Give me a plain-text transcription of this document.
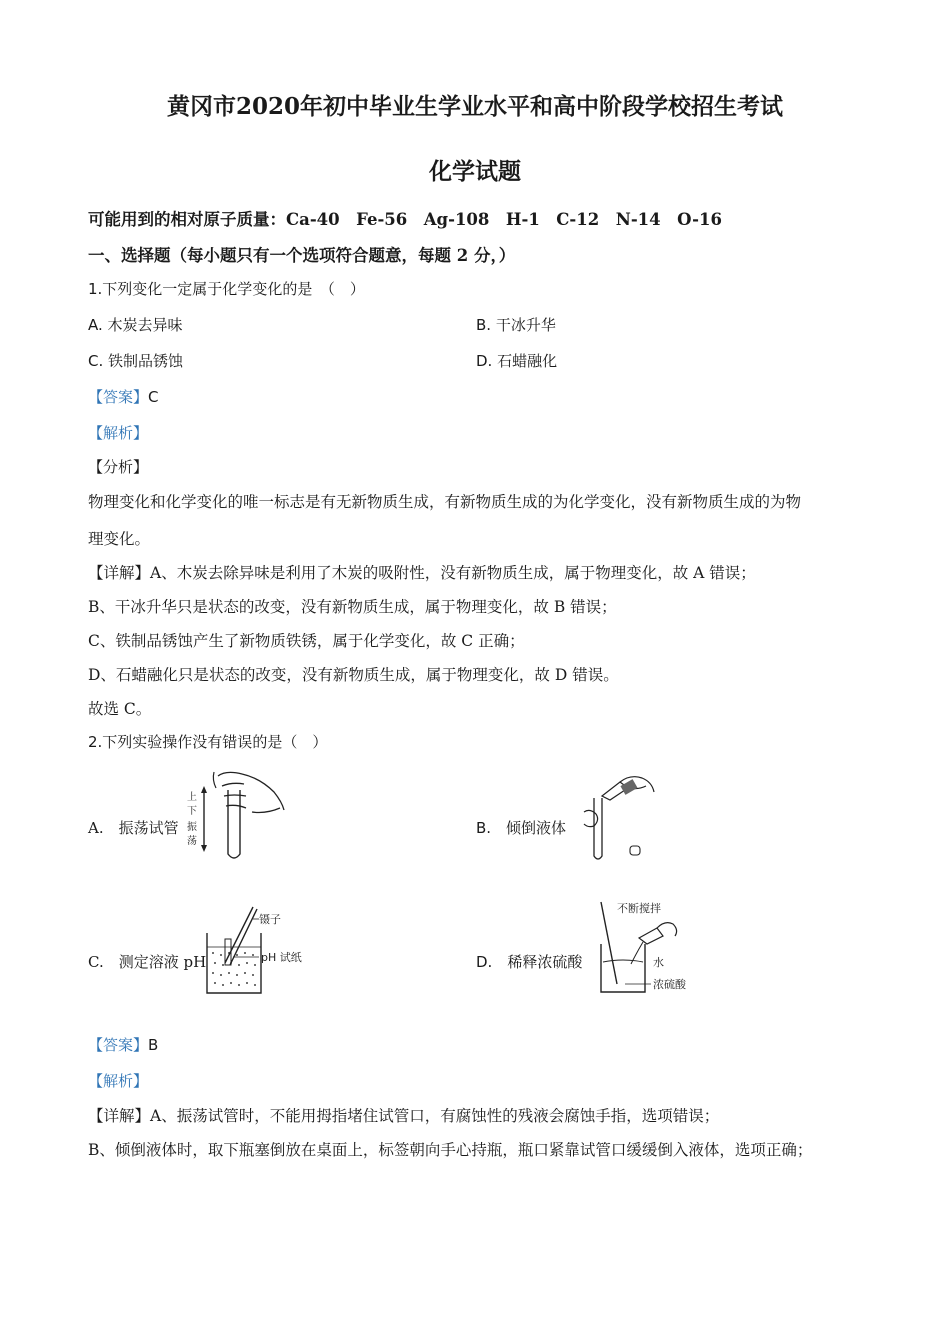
黄冈市2020年初中毕业生学业水平和高中阶段学校招生考试
化学试题
可能用到的相对原子质量：Ca-40　Fe-56　Ag-108　H-1　C-12　N-14　O-16
一、选择题（每小题只有一个选项符合题意，每题 2 分，）
1.下列变化一定属于化学变化的是　（　）
A. 木炭去异味	B. 干冰升华
C. 铁制品锈蚀	D. 石蜡融化
【答案】C
【解析】
【分析】
物理变化和化学变化的唯一标志是有无新物质生成，有新物质生成的为化学变化，没有新物质生成的为物
理变化。
【详解】A、木炭去除异味是利用了木炭的吸附性，没有新物质生成，属于物理变化，故 A 错误；
B、干冰升华只是状态的改变，没有新物质生成，属于物理变化，故 B 错误；
C、铁制品锈蚀产生了新物质铁锈，属于化学变化，故 C 正确；
D、石蜡融化只是状态的改变，没有新物质生成，属于物理变化，故 D 错误。
故选 C。
2.下列实验操作没有错误的是（　）
A.　振荡试管
上
下
振
荡
B.　倾倒液体
C.　测定溶液 pH
镊子
pH 试纸	D.　稀释浓硫酸
不断搅拌
水
浓硫酸
【答案】B
【解析】
【详解】A、振荡试管时，不能用拇指堵住试管口，有腐蚀性的残液会腐蚀手指，选项错误；
B、倾倒液体时，取下瓶塞倒放在桌面上，标签朝向手心持瓶，瓶口紧靠试管口缓缓倒入液体，选项正确；
